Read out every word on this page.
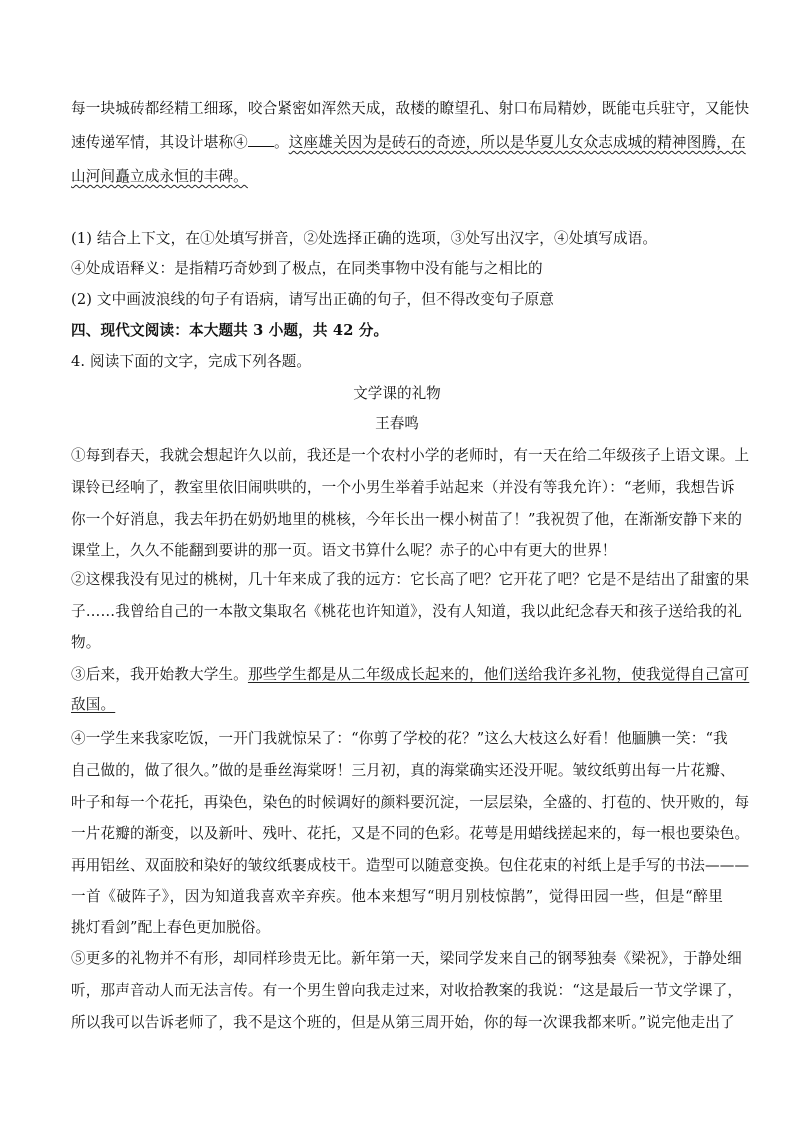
每一块城砖都经精工细琢，咬合紧密如浑然天成，敌楼的瞭望孔、射口布局精妙，既能屯兵驻守，又能快
速传递军情，其设计堪称④ 。这座雄关因为是砖石的奇迹，所以是华夏儿女众志成城的精神图腾，在
山河间矗立成永恒的丰碑。
(1) 结合上下文，在①处填写拼音，②处选择正确的选项，③处写出汉字，④处填写成语。
④处成语释义：是指精巧奇妙到了极点，在同类事物中没有能与之相比的
(2) 文中画波浪线的句子有语病，请写出正确的句子，但不得改变句子原意
四、现代文阅读：本大题共 3 小题，共 42 分。
4. 阅读下面的文字，完成下列各题。
文学课的礼物
王春鸣
①每到春天，我就会想起许久以前，我还是一个农村小学的老师时，有一天在给二年级孩子上语文课。上
课铃已经响了，教室里依旧闹哄哄的，一个小男生举着手站起来（并没有等我允许）：“老师，我想告诉
你一个好消息，我去年扔在奶奶地里的桃核，今年长出一棵小树苗了！”我祝贺了他，在渐渐安静下来的
课堂上，久久不能翻到要讲的那一页。语文书算什么呢？赤子的心中有更大的世界！
②这棵我没有见过的桃树，几十年来成了我的远方：它长高了吧？它开花了吧？它是不是结出了甜蜜的果
子……我曾给自己的一本散文集取名《桃花也许知道》，没有人知道，我以此纪念春天和孩子送给我的礼
物。
③后来，我开始教大学生。那些学生都是从二年级成长起来的，他们送给我许多礼物，使我觉得自己富可
敌国。
④一学生来我家吃饭，一开门我就惊呆了：“你剪了学校的花？”这么大枝这么好看！他腼腆一笑：“我
自己做的，做了很久。”做的是垂丝海棠呀！三月初，真的海棠确实还没开呢。皱纹纸剪出每一片花瓣、
叶子和每一个花托，再染色，染色的时候调好的颜料要沉淀，一层层染，全盛的、打苞的、快开败的，每
一片花瓣的渐变，以及新叶、残叶、花托，又是不同的色彩。花萼是用蜡线搓起来的，每一根也要染色。
再用铝丝、双面胶和染好的皱纹纸裹成枝干。造型可以随意变换。包住花束的衬纸上是手写的书法———
一首《破阵子》，因为知道我喜欢辛弃疾。他本来想写“明月别枝惊鹊”，觉得田园一些，但是“醉里
挑灯看剑”配上春色更加脱俗。
⑤更多的礼物并不有形，却同样珍贵无比。新年第一天，梁同学发来自己的钢琴独奏《梁祝》，于静处细
听，那声音动人而无法言传。有一个男生曾向我走过来，对收拾教案的我说：“这是最后一节文学课了，
所以我可以告诉老师了，我不是这个班的，但是从第三周开始，你的每一次课我都来听。”说完他走出了
